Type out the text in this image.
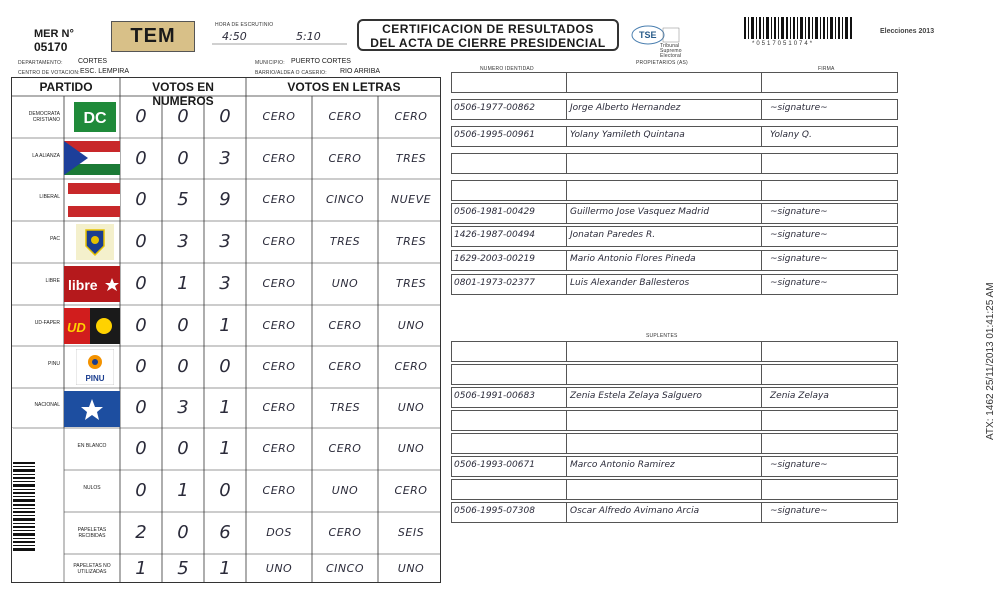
MER N°
05170	TEM	HORA DE ESCRUTINIO
4:50	5:10
CERTIFICACION DE RESULTADOS
DEL ACTA DE CIERRE PRESIDENCIAL
TSE
Tribunal Supremo Electoral
*0517051074*
Elecciones 2013
DEPARTAMENTO: CORTES
CENTRO DE VOTACION: ESC. LEMPIRA
MUNICIPIO: PUERTO CORTES
BARRIO/ALDEA O CASERIO: RIO ARRIBA
PARTIDO	VOTOS EN NUMEROS
VOTOS EN LETRAS
DC
libre
UD
PINU
DEMOCRATA CRISTIANO	0	0	0	CERO	CERO	CERO
LA ALIANZA	0	0	3	CERO	CERO	TRES
LIBERAL	0	5	9	CERO	CINCO	NUEVE
PAC	0	3	3	CERO	TRES	TRES
LIBRE	0	1	3	CERO	UNO	TRES
UD-FAPER	0	0	1	CERO	CERO	UNO
PINU	0	0	0	CERO	CERO	CERO
NACIONAL	0	3	1	CERO	TRES	UNO
EN BLANCO	0	0	1	CERO	CERO	UNO
NULOS	0	1	0	CERO	UNO	CERO
PAPELETAS RECIBIDAS	2	0	6	DOS	CERO	SEIS
PAPELETAS NO UTILIZADAS	1	5	1	UNO	CINCO	UNO
NUMERO IDENTIDAD
PROPIETARIOS (AS)
FIRMA
SUPLENTES
0506-1977-00862	Jorge Alberto Hernandez	~signature~
0506-1995-00961	Yolany Yamileth Quintana	Yolany Q.
0506-1981-00429	Guillermo Jose Vasquez Madrid	~signature~
1426-1987-00494	Jonatan Paredes R.	~signature~
1629-2003-00219	Mario Antonio Flores Pineda	~signature~
0801-1973-02377	Luis Alexander Ballesteros	~signature~
0506-1991-00683	Zenia Estela Zelaya Salguero	Zenia Zelaya
0506-1993-00671	Marco Antonio Ramirez	~signature~
0506-1995-07308	Oscar Alfredo Avimano Arcia	~signature~
ATX: 1462 25/11/2013 01:41:25 AM
